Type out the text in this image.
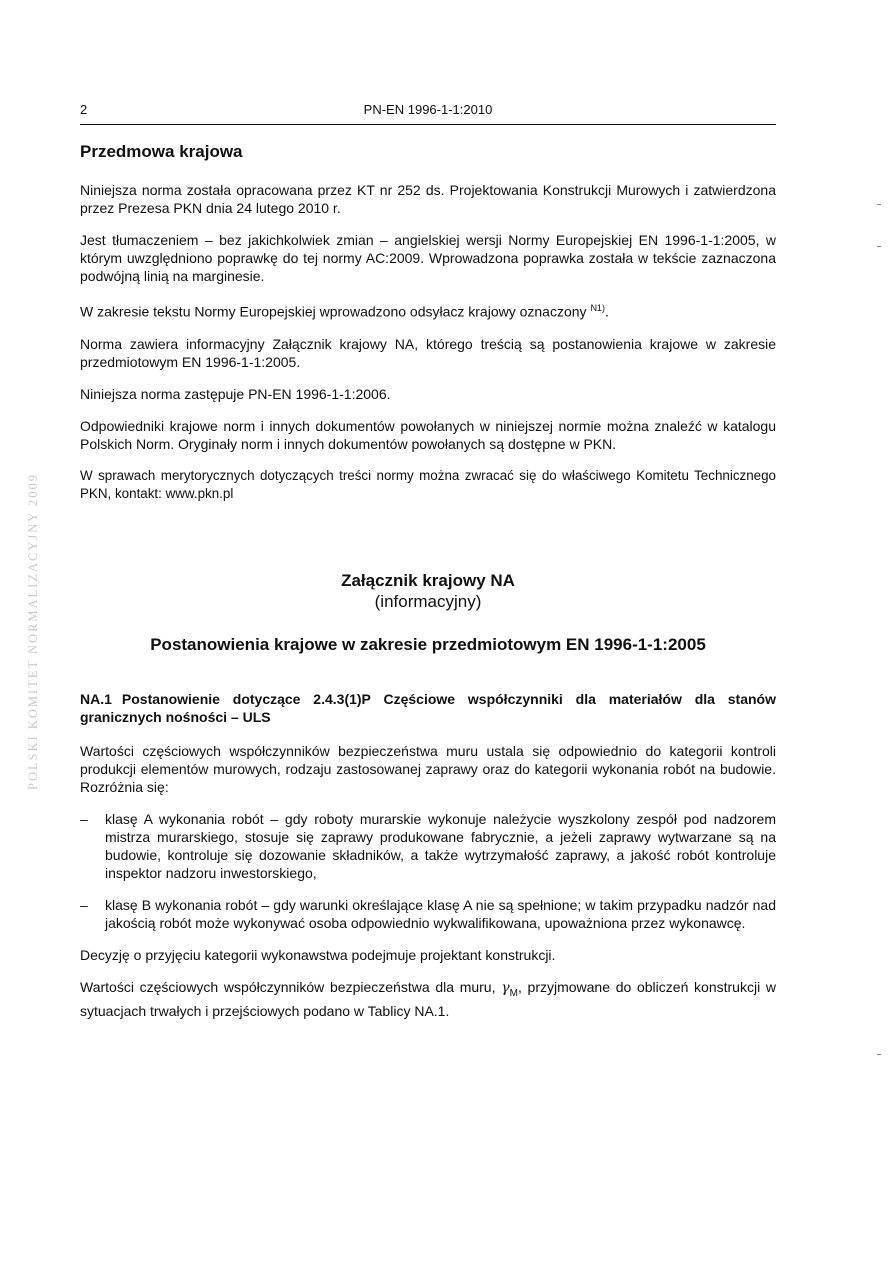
2	PN-EN 1996-1-1:2010
POLSKI KOMITET NORMALIZACYJNY 2009
Przedmowa krajowa

Niniejsza norma została opracowana przez KT nr 252 ds. Projektowania Konstrukcji Murowych i zatwierdzona przez Prezesa PKN dnia 24 lutego 2010 r.

Jest tłumaczeniem – bez jakichkolwiek zmian – angielskiej wersji Normy Europejskiej EN 1996-1-1:2005, w którym uwzględniono poprawkę do tej normy AC:2009. Wprowadzona poprawka została w tekście zaznaczona podwójną linią na marginesie.

W zakresie tekstu Normy Europejskiej wprowadzono odsyłacz krajowy oznaczony $^{N1)}$.

Norma zawiera informacyjny Załącznik krajowy NA, którego treścią są postanowienia krajowe w zakresie przedmiotowym EN 1996-1-1:2005.

Niniejsza norma zastępuje PN-EN 1996-1-1:2006.

Odpowiedniki krajowe norm i innych dokumentów powołanych w niniejszej normie można znaleźć w katalogu Polskich Norm. Oryginały norm i innych dokumentów powołanych są dostępne w PKN.

W sprawach merytorycznych dotyczących treści normy można zwracać się do właściwego Komitetu Technicznego PKN, kontakt: www.pkn.pl

Załącznik krajowy NA
(informacyjny)
Postanowienia krajowe w zakresie przedmiotowym EN 1996-1-1:2005
NA.1 Postanowienie dotyczące 2.4.3(1)P Częściowe współczynniki dla materiałów dla stanów granicznych nośności – ULS

Wartości częściowych współczynników bezpieczeństwa muru ustala się odpowiednio do kategorii kontroli produkcji elementów murowych, rodzaju zastosowanej zaprawy oraz do kategorii wykonania robót na budowie. Rozróżnia się:

– klasę A wykonania robót – gdy roboty murarskie wykonuje należycie wyszkolony zespół pod nadzorem mistrza murarskiego, stosuje się zaprawy produkowane fabrycznie, a jeżeli zaprawy wytwarzane są na budowie, kontroluje się dozowanie składników, a także wytrzymałość zaprawy, a jakość robót kontroluje inspektor nadzoru inwestorskiego,
– klasę B wykonania robót – gdy warunki określające klasę A nie są spełnione; w takim przypadku nadzór nad jakością robót może wykonywać osoba odpowiednio wykwalifikowana, upoważniona przez wykonawcę.

Decyzję o przyjęciu kategorii wykonawstwa podejmuje projektant konstrukcji.

Wartości częściowych współczynników bezpieczeństwa dla muru, $\gamma_M$, przyjmowane do obliczeń konstrukcji w sytuacjach trwałych i przejściowych podano w Tablicy NA.1.
